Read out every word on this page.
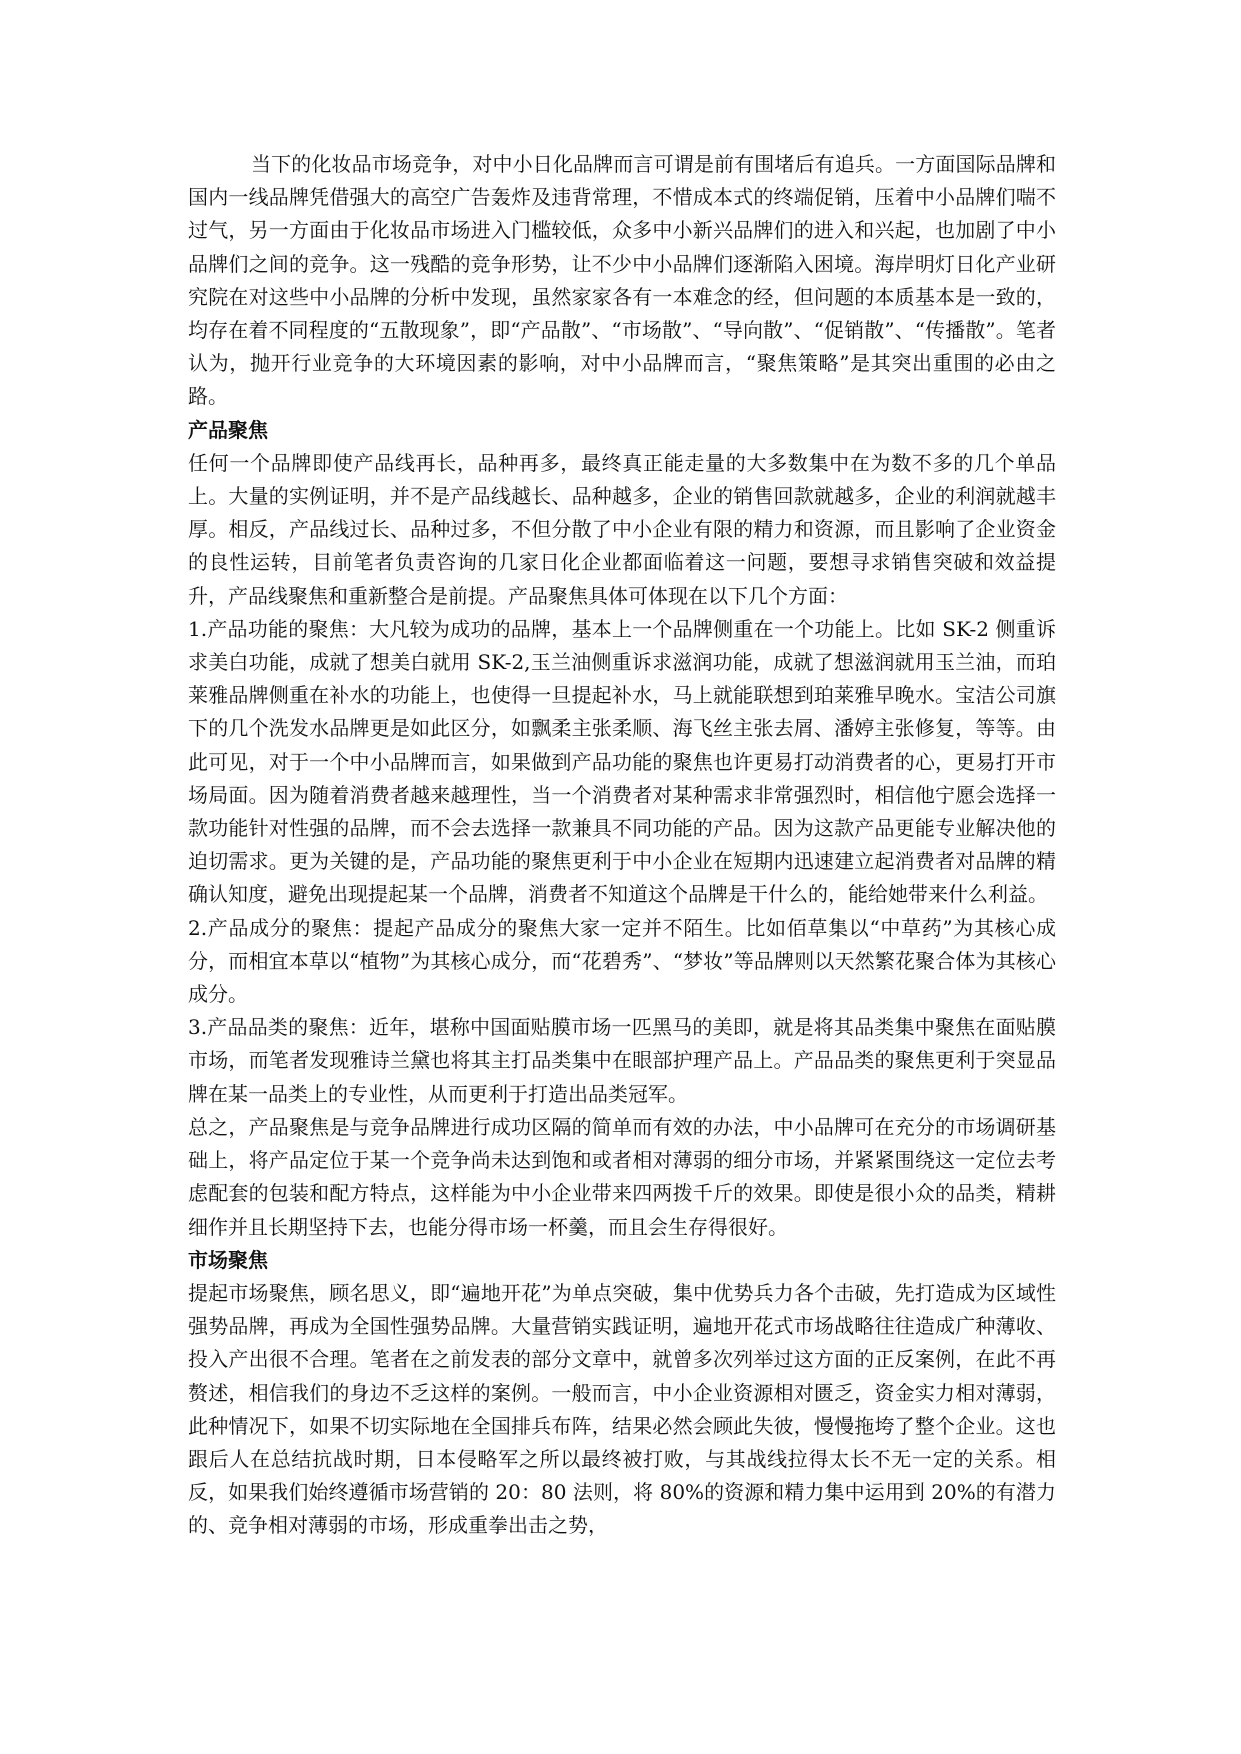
当下的化妆品市场竞争，对中小日化品牌而言可谓是前有围堵后有追兵。一方面国际品牌和国内一线品牌凭借强大的高空广告轰炸及违背常理，不惜成本式的终端促销，压着中小品牌们喘不过气，另一方面由于化妆品市场进入门槛较低，众多中小新兴品牌们的进入和兴起，也加剧了中小品牌们之间的竞争。这一残酷的竞争形势，让不少中小品牌们逐渐陷入困境。海岸明灯日化产业研究院在对这些中小品牌的分析中发现，虽然家家各有一本难念的经，但问题的本质基本是一致的，均存在着不同程度的“五散现象”，即“产品散”、“市场散”、“导向散”、“促销散”、“传播散”。笔者认为，抛开行业竞争的大环境因素的影响，对中小品牌而言，“聚焦策略”是其突出重围的必由之路。

产品聚焦

任何一个品牌即使产品线再长，品种再多，最终真正能走量的大多数集中在为数不多的几个单品上。大量的实例证明，并不是产品线越长、品种越多，企业的销售回款就越多，企业的利润就越丰厚。相反，产品线过长、品种过多，不但分散了中小企业有限的精力和资源，而且影响了企业资金的良性运转，目前笔者负责咨询的几家日化企业都面临着这一问题，要想寻求销售突破和效益提升，产品线聚焦和重新整合是前提。产品聚焦具体可体现在以下几个方面：

1.产品功能的聚焦：大凡较为成功的品牌，基本上一个品牌侧重在一个功能上。比如 SK-2 侧重诉求美白功能，成就了想美白就用 SK-2,玉兰油侧重诉求滋润功能，成就了想滋润就用玉兰油，而珀莱雅品牌侧重在补水的功能上，也使得一旦提起补水，马上就能联想到珀莱雅早晚水。宝洁公司旗下的几个洗发水品牌更是如此区分，如飘柔主张柔顺、海飞丝主张去屑、潘婷主张修复，等等。由此可见，对于一个中小品牌而言，如果做到产品功能的聚焦也许更易打动消费者的心，更易打开市场局面。因为随着消费者越来越理性，当一个消费者对某种需求非常强烈时，相信他宁愿会选择一款功能针对性强的品牌，而不会去选择一款兼具不同功能的产品。因为这款产品更能专业解决他的迫切需求。更为关键的是，产品功能的聚焦更利于中小企业在短期内迅速建立起消费者对品牌的精确认知度，避免出现提起某一个品牌，消费者不知道这个品牌是干什么的，能给她带来什么利益。

2.产品成分的聚焦：提起产品成分的聚焦大家一定并不陌生。比如佰草集以“中草药”为其核心成分，而相宜本草以“植物”为其核心成分，而“花碧秀”、“梦妆”等品牌则以天然繁花聚合体为其核心成分。

3.产品品类的聚焦：近年，堪称中国面贴膜市场一匹黑马的美即，就是将其品类集中聚焦在面贴膜市场，而笔者发现雅诗兰黛也将其主打品类集中在眼部护理产品上。产品品类的聚焦更利于突显品牌在某一品类上的专业性，从而更利于打造出品类冠军。

总之，产品聚焦是与竞争品牌进行成功区隔的简单而有效的办法，中小品牌可在充分的市场调研基础上，将产品定位于某一个竞争尚未达到饱和或者相对薄弱的细分市场，并紧紧围绕这一定位去考虑配套的包装和配方特点，这样能为中小企业带来四两拨千斤的效果。即使是很小众的品类，精耕细作并且长期坚持下去，也能分得市场一杯羹，而且会生存得很好。

市场聚焦

提起市场聚焦，顾名思义，即“遍地开花”为单点突破，集中优势兵力各个击破，先打造成为区域性强势品牌，再成为全国性强势品牌。大量营销实践证明，遍地开花式市场战略往往造成广种薄收、投入产出很不合理。笔者在之前发表的部分文章中，就曾多次列举过这方面的正反案例，在此不再赘述，相信我们的身边不乏这样的案例。一般而言，中小企业资源相对匮乏，资金实力相对薄弱，此种情况下，如果不切实际地在全国排兵布阵，结果必然会顾此失彼，慢慢拖垮了整个企业。这也跟后人在总结抗战时期，日本侵略军之所以最终被打败，与其战线拉得太长不无一定的关系。相反，如果我们始终遵循市场营销的 20：80 法则，将 80%的资源和精力集中运用到 20%的有潜力的、竞争相对薄弱的市场，形成重拳出击之势，
